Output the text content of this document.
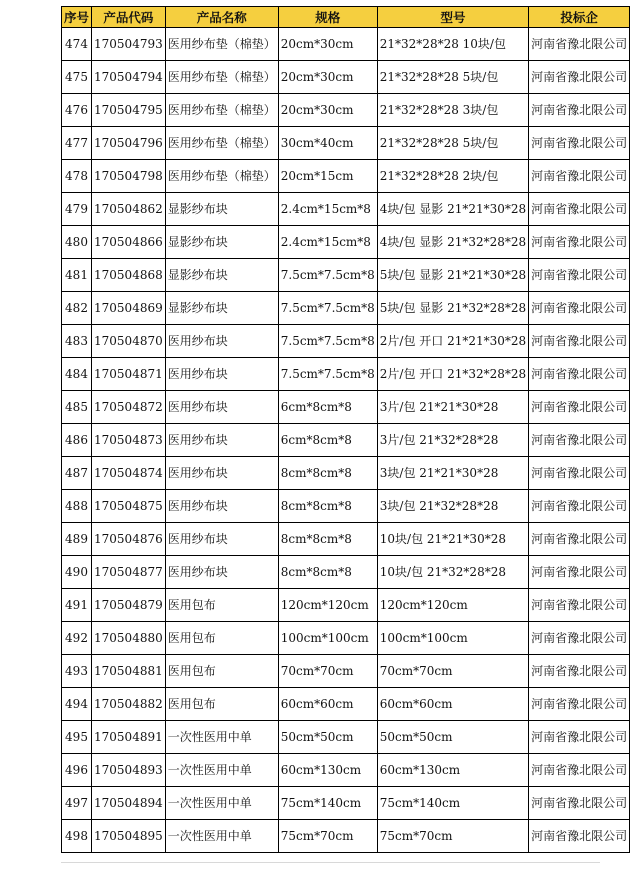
序号	产品代码	产品名称	规格	型号	投标企
474	170504793	医用纱布垫（棉垫）	20cm*30cm	21*32*28*28 10块/包	河南省豫北限公司
475	170504794	医用纱布垫（棉垫）	20cm*30cm	21*32*28*28 5块/包	河南省豫北限公司
476	170504795	医用纱布垫（棉垫）	20cm*30cm	21*32*28*28 3块/包	河南省豫北限公司
477	170504796	医用纱布垫（棉垫）	30cm*40cm	21*32*28*28 5块/包	河南省豫北限公司
478	170504798	医用纱布垫（棉垫）	20cm*15cm	21*32*28*28 2块/包	河南省豫北限公司
479	170504862	显影纱布块	2.4cm*15cm*8	4块/包 显影 21*21*30*28	河南省豫北限公司
480	170504866	显影纱布块	2.4cm*15cm*8	4块/包 显影 21*32*28*28	河南省豫北限公司
481	170504868	显影纱布块	7.5cm*7.5cm*8	5块/包 显影 21*21*30*28	河南省豫北限公司
482	170504869	显影纱布块	7.5cm*7.5cm*8	5块/包 显影 21*32*28*28	河南省豫北限公司
483	170504870	医用纱布块	7.5cm*7.5cm*8	2片/包 开口 21*21*30*28	河南省豫北限公司
484	170504871	医用纱布块	7.5cm*7.5cm*8	2片/包 开口 21*32*28*28	河南省豫北限公司
485	170504872	医用纱布块	6cm*8cm*8	3片/包 21*21*30*28	河南省豫北限公司
486	170504873	医用纱布块	6cm*8cm*8	3片/包 21*32*28*28	河南省豫北限公司
487	170504874	医用纱布块	8cm*8cm*8	3块/包 21*21*30*28	河南省豫北限公司
488	170504875	医用纱布块	8cm*8cm*8	3块/包 21*32*28*28	河南省豫北限公司
489	170504876	医用纱布块	8cm*8cm*8	10块/包 21*21*30*28	河南省豫北限公司
490	170504877	医用纱布块	8cm*8cm*8	10块/包 21*32*28*28	河南省豫北限公司
491	170504879	医用包布	120cm*120cm	120cm*120cm	河南省豫北限公司
492	170504880	医用包布	100cm*100cm	100cm*100cm	河南省豫北限公司
493	170504881	医用包布	70cm*70cm	70cm*70cm	河南省豫北限公司
494	170504882	医用包布	60cm*60cm	60cm*60cm	河南省豫北限公司
495	170504891	一次性医用中单	50cm*50cm	50cm*50cm	河南省豫北限公司
496	170504893	一次性医用中单	60cm*130cm	60cm*130cm	河南省豫北限公司
497	170504894	一次性医用中单	75cm*140cm	75cm*140cm	河南省豫北限公司
498	170504895	一次性医用中单	75cm*70cm	75cm*70cm	河南省豫北限公司
